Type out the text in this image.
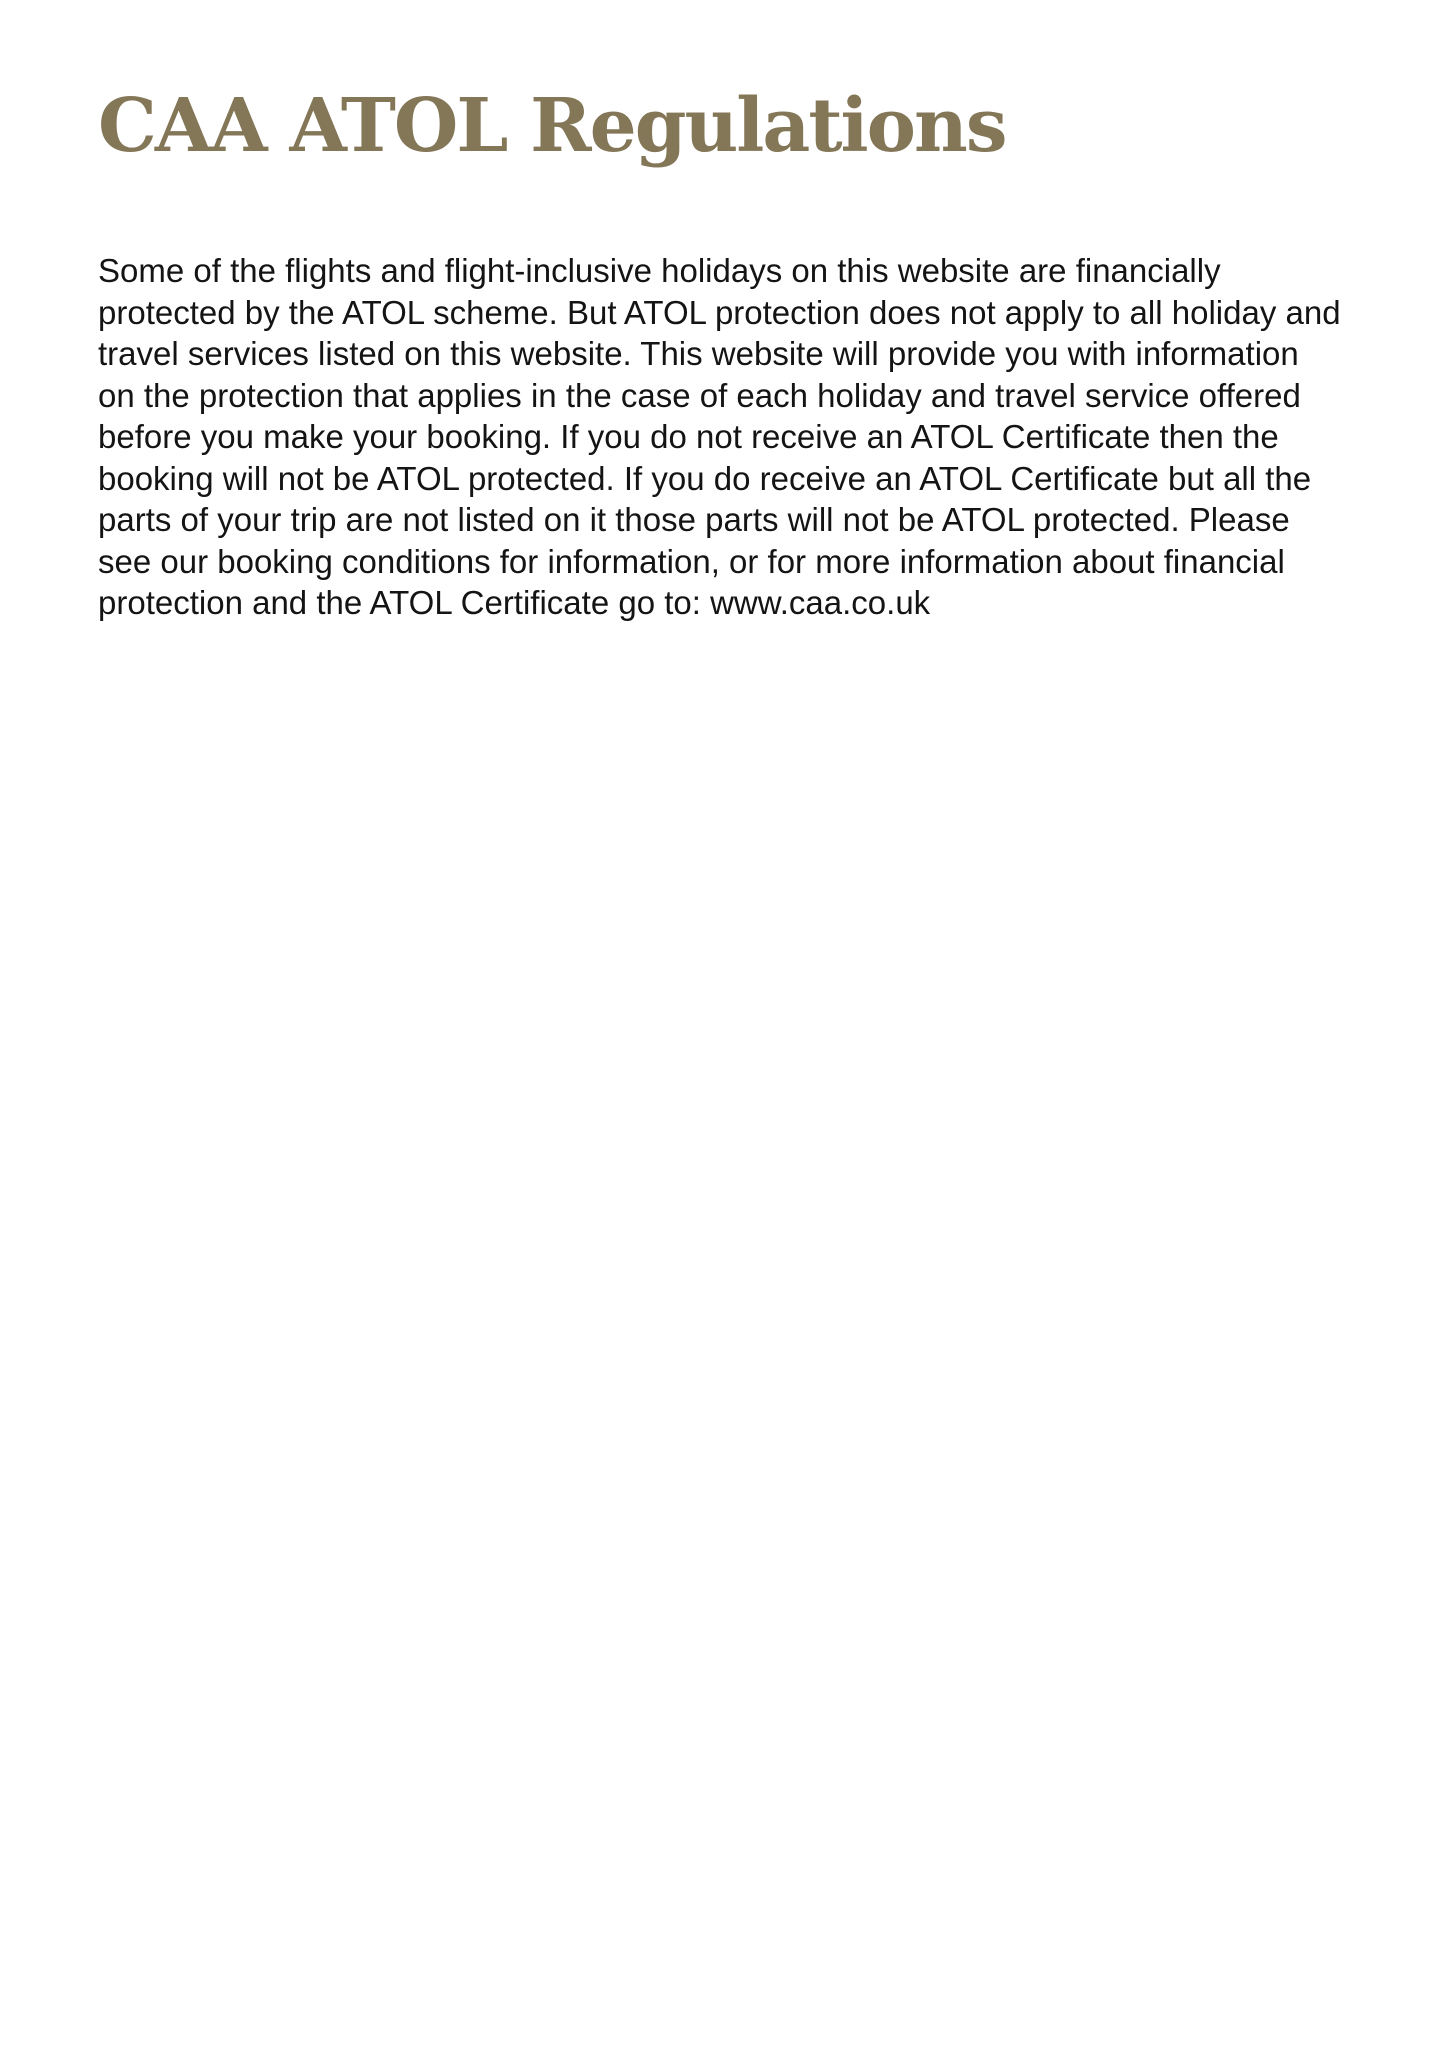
CAA ATOL Regulations

Some of the flights and flight-inclusive holidays on this website are financially protected by the ATOL scheme. But ATOL protection does not apply to all holiday and travel services listed on this website. This website will provide you with information on the protection that applies in the case of each holiday and travel service offered before you make your booking. If you do not receive an ATOL Certificate then the booking will not be ATOL protected. If you do receive an ATOL Certificate but all the parts of your trip are not listed on it those parts will not be ATOL protected. Please see our booking conditions for information, or for more information about financial protection and the ATOL Certificate go to: www.caa.co.uk
